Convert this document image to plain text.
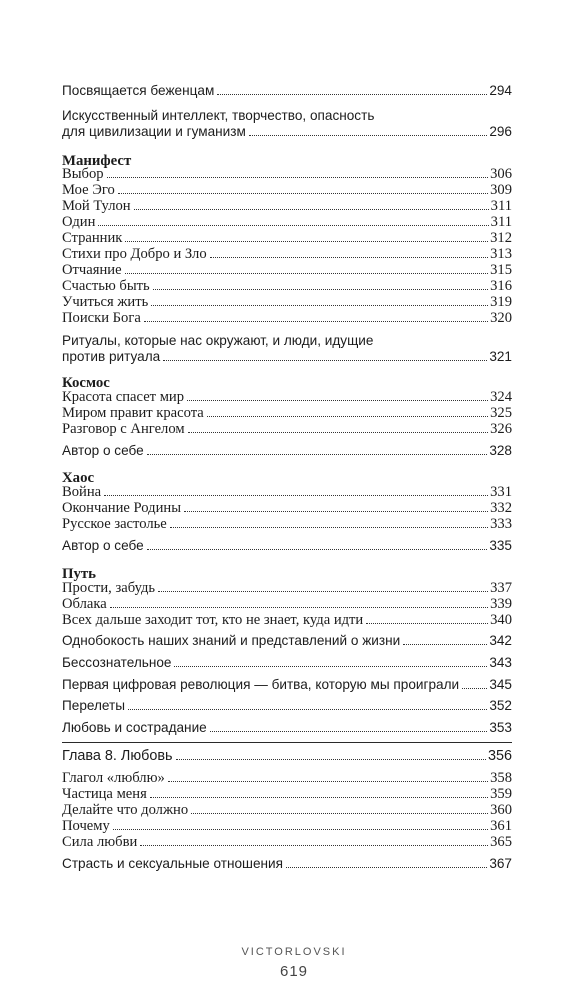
Посвящается беженцам	294
Искусственный интеллект, творчество, опасность
для цивилизации и гуманизм	296
Манифест
Выбор	306
Мое Эго	309
Мой Тулон	311
Один	311
Странник	312
Стихи про Добро и Зло	313
Отчаяние	315
Счастью быть	316
Учиться жить	319
Поиски Бога	320
Ритуалы, которые нас окружают, и люди, идущие
против ритуала	321
Космос
Красота спасет мир	324
Миром правит красота	325
Разговор с Ангелом	326
Автор о себе	328
Хаос
Война	331
Окончание Родины	332
Русское застолье	333
Автор о себе	335
Путь
Прости, забудь	337
Облака	339
Всех дальше заходит тот, кто не знает, куда идти	340
Однобокость наших знаний и представлений о жизни	342
Бессознательное	343
Первая цифровая революция — битва, которую мы проиграли 345
Перелеты	352
Любовь и сострадание	353
Глава 8. Любовь	356
Глагол «люблю»	358
Частица меня	359
Делайте что должно	360
Почему	361
Сила любви	365
Страсть и сексуальные отношения	367
VICTORLOVSKI
619
